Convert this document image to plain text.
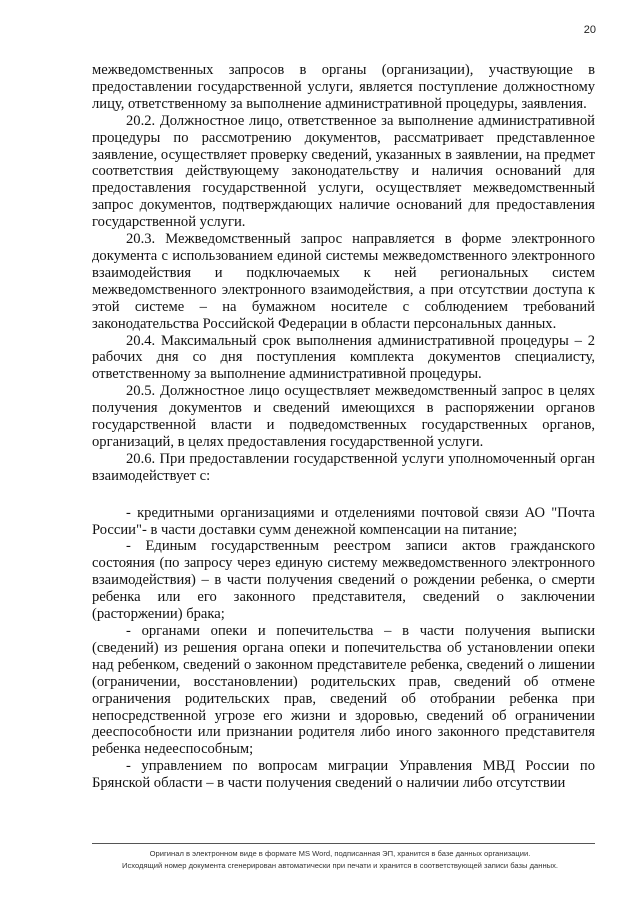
20

межведомственных запросов в органы (организации), участвующие в предоставлении государственной услуги, является поступление должностному лицу, ответственному за выполнение административной процедуры, заявления.

20.2. Должностное лицо, ответственное за выполнение административной процедуры по рассмотрению документов, рассматривает представленное заявление, осуществляет проверку сведений, указанных в заявлении, на предмет соответствия действующему законодательству и наличия оснований для предоставления государственной услуги, осуществляет межведомственный запрос документов, подтверждающих наличие оснований для предоставления государственной услуги.

20.3. Межведомственный запрос направляется в форме электронного документа с использованием единой системы межведомственного электронного взаимодействия и подключаемых к ней региональных систем межведомственного электронного взаимодействия, а при отсутствии доступа к этой системе – на бумажном носителе с соблюдением требований законодательства Российской Федерации в области персональных данных.

20.4. Максимальный срок выполнения административной процедуры – 2 рабочих дня со дня поступления комплекта документов специалисту, ответственному за выполнение административной процедуры.

20.5. Должностное лицо осуществляет межведомственный запрос в целях получения документов и сведений имеющихся в распоряжении органов государственной власти и подведомственных государственных органов, организаций, в целях предоставления государственной услуги.

20.6. При предоставлении государственной услуги уполномоченный орган взаимодействует с:

- кредитными организациями и отделениями почтовой связи АО "Почта России"- в части доставки сумм денежной компенсации на питание;

- Единым государственным реестром записи актов гражданского состояния (по запросу через единую систему межведомственного электронного взаимодействия) – в части получения сведений о рождении ребенка, о смерти ребенка или его законного представителя, сведений о заключении (расторжении) брака;

- органами опеки и попечительства – в части получения выписки (сведений) из решения органа опеки и попечительства об установлении опеки над ребенком, сведений о законном представителе ребенка, сведений о лишении (ограничении, восстановлении) родительских прав, сведений об отмене ограничения родительских прав, сведений об отобрании ребенка при непосредственной угрозе его жизни и здоровью, сведений об ограничении дееспособности или признании родителя либо иного законного представителя ребенка недееспособным;

- управлением по вопросам миграции Управления МВД России по Брянской области – в части получения сведений о наличии либо отсутствии

Оригинал в электронном виде в формате MS Word, подписанная ЭП, хранится в базе данных организации.
Исходящий номер документа сгенерирован автоматически при печати и хранится в соответствующей записи базы данных.
